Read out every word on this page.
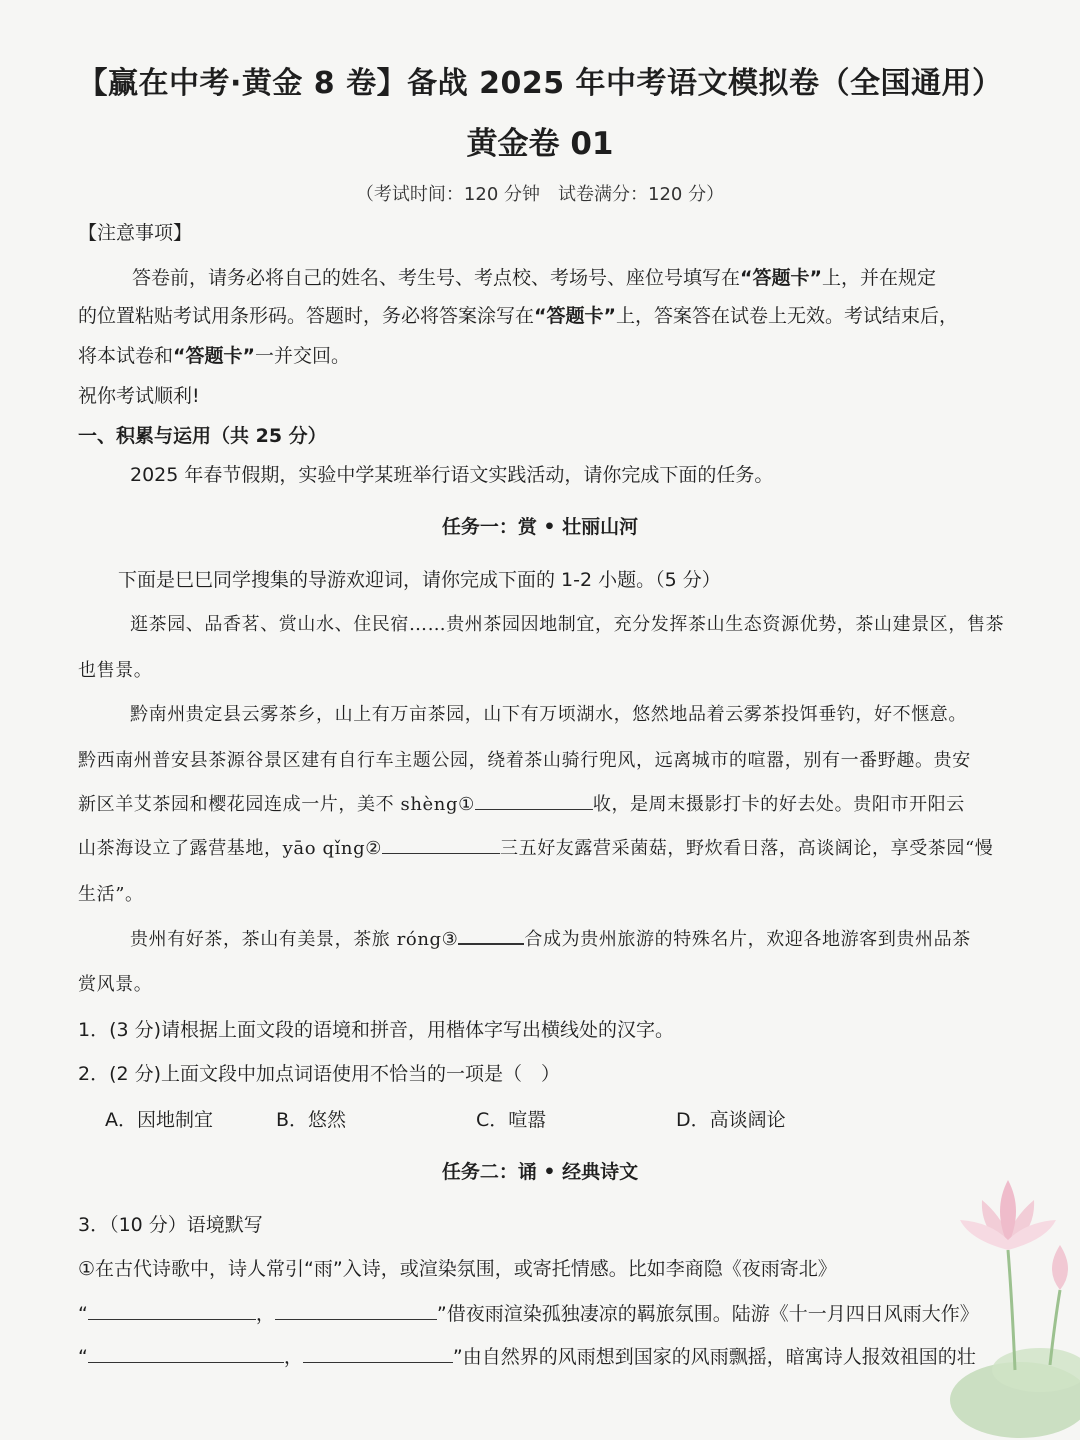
【赢在中考·黄金 8 卷】备战 2025 年中考语文模拟卷（全国通用）
黄金卷 01
（考试时间：120 分钟　试卷满分：120 分）
【注意事项】
答卷前，请务必将自己的姓名、考生号、考点校、考场号、座位号填写在“答题卡”上，并在规定
的位置粘贴考试用条形码。答题时，务必将答案涂写在“答题卡”上，答案答在试卷上无效。考试结束后，
将本试卷和“答题卡”一并交回。
祝你考试顺利!
一、积累与运用（共 25 分）
2025 年春节假期，实验中学某班举行语文实践活动，请你完成下面的任务。
任务一：赏 • 壮丽山河
下面是巳巳同学搜集的导游欢迎词，请你完成下面的 1-2 小题。（5 分）
逛茶园、品香茗、赏山水、住民宿……贵州茶园因地制宜，充分发挥茶山生态资源优势，茶山建景区，售茶
也售景。
黔南州贵定县云雾茶乡，山上有万亩茶园，山下有万顷湖水，悠然地品着云雾茶投饵垂钓，好不惬意。
黔西南州普安县茶源谷景区建有自行车主题公园，绕着茶山骑行兜风，远离城市的喧嚣，别有一番野趣。贵安
新区羊艾茶园和樱花园连成一片，美不 shèng①	收，是周末摄影打卡的好去处。贵阳市开阳云
山茶海设立了露营基地，yāo qǐng②	三五好友露营采菌菇，野炊看日落，高谈阔论，享受茶园“慢
生活”。
贵州有好茶，茶山有美景，茶旅 róng③	合成为贵州旅游的特殊名片，欢迎各地游客到贵州品茶
赏风景。
1．(3 分)请根据上面文段的语境和拼音，用楷体字写出横线处的汉字。
2．(2 分)上面文段中加点词语使用不恰当的一项是（　）
A．因地制宜	B．悠然	C．喧嚣	D．高谈阔论
任务二：诵 • 经典诗文
3．（10 分）语境默写
①在古代诗歌中，诗人常引“雨”入诗，或渲染氛围，或寄托情感。比如李商隐《夜雨寄北》
“	，	”借夜雨渲染孤独凄凉的羁旅氛围。陆游《十一月四日风雨大作》
“	，	”由自然界的风雨想到国家的风雨飘摇，暗寓诗人报效祖国的壮
